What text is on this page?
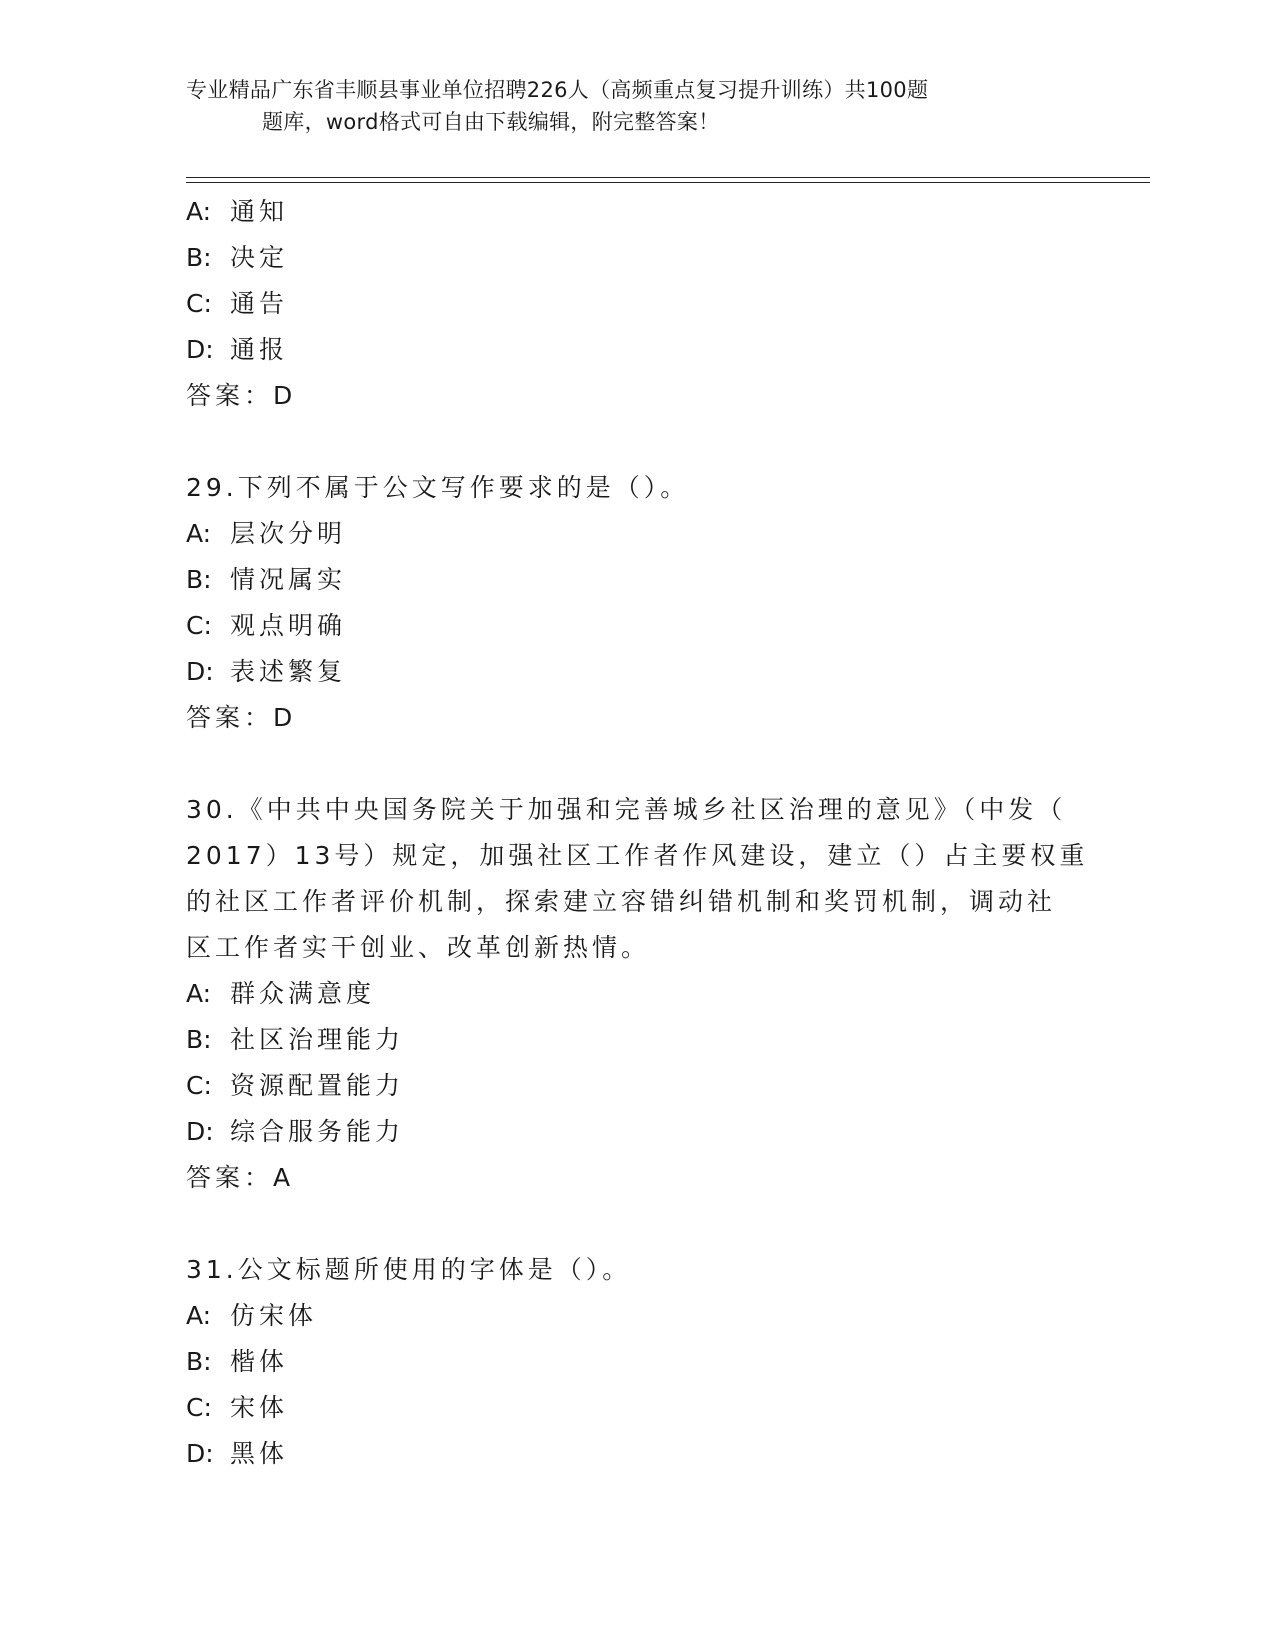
专业精品广东省丰顺县事业单位招聘226人（高频重点复习提升训练）共100题
题库，word格式可自由下载编辑，附完整答案！
A: 通知
B: 决定
C: 通告
D: 通报
答案：D
29.下列不属于公文写作要求的是（）。
A: 层次分明
B: 情况属实
C: 观点明确
D: 表述繁复
答案：D
30.《中共中央国务院关于加强和完善城乡社区治理的意见》（中发（
2017）13号）规定，加强社区工作者作风建设，建立（）占主要权重
的社区工作者评价机制，探索建立容错纠错机制和奖罚机制，调动社
区工作者实干创业、改革创新热情。
A: 群众满意度
B: 社区治理能力
C: 资源配置能力
D: 综合服务能力
答案：A
31.公文标题所使用的字体是（）。
A: 仿宋体
B: 楷体
C: 宋体
D: 黑体
